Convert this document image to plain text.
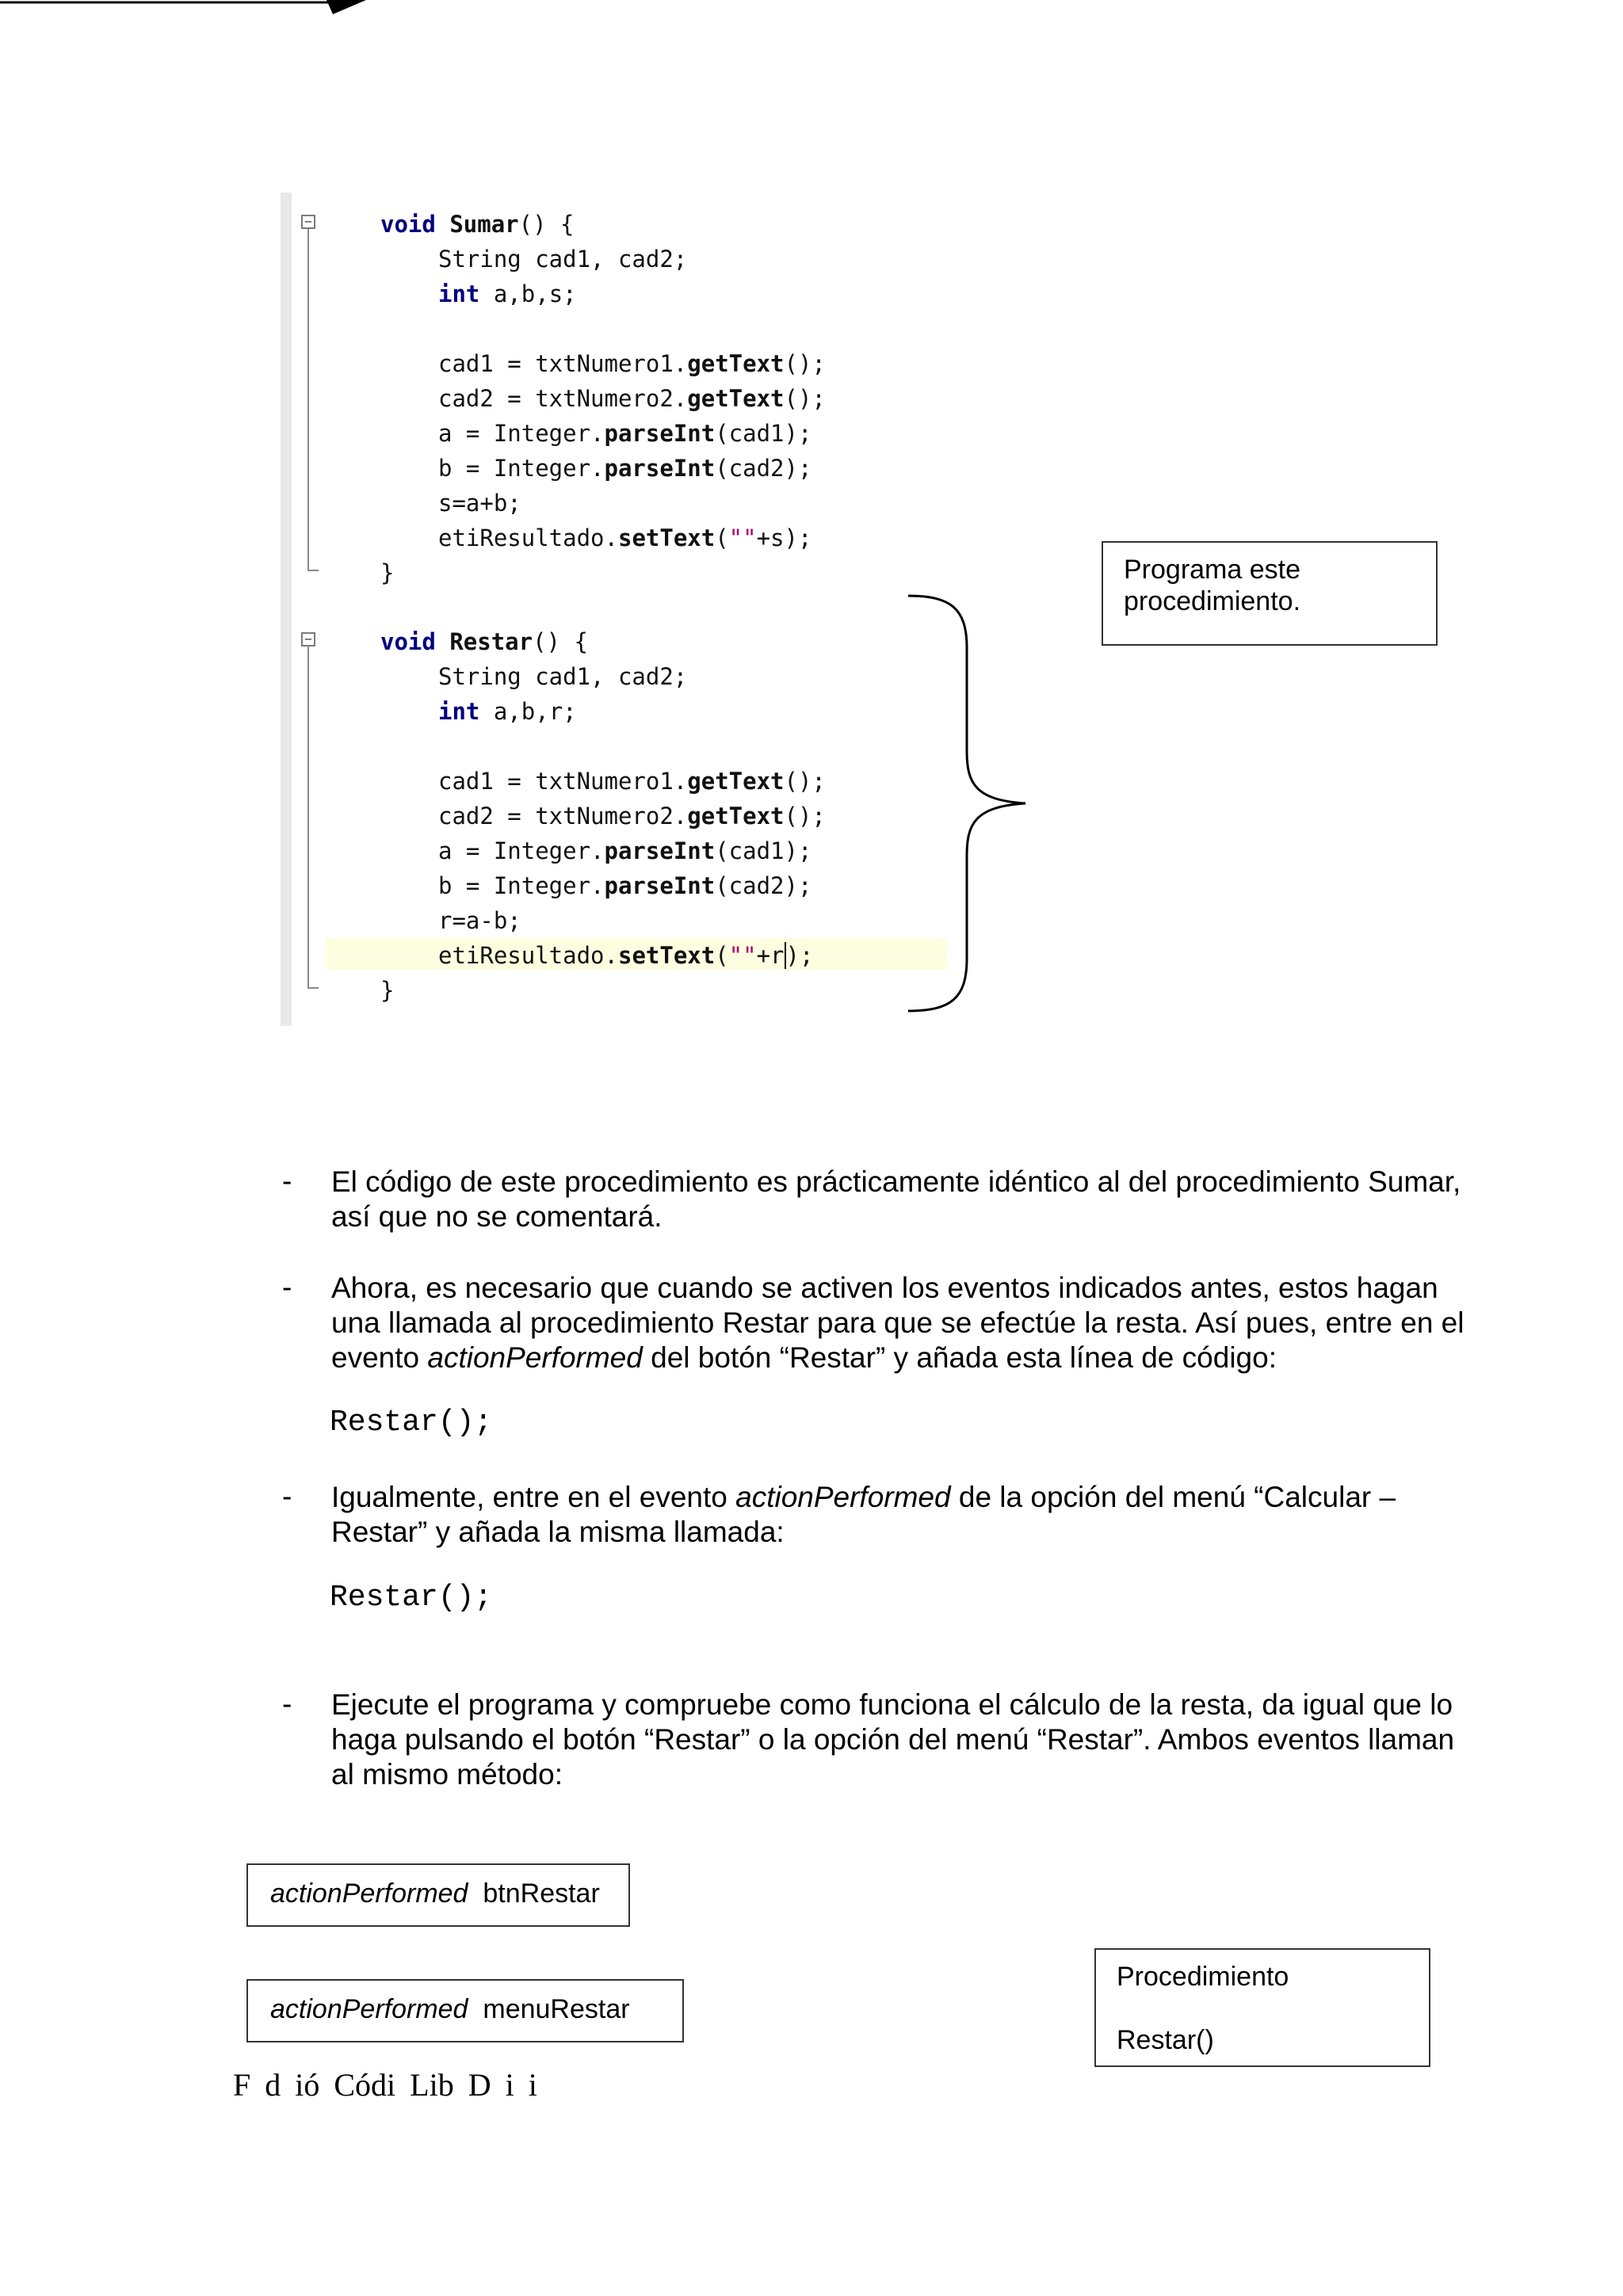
−
−
void Sumar() {
String cad1, cad2;
int a,b,s;
cad1 = txtNumero1.getText();
cad2 = txtNumero2.getText();
a = Integer.parseInt(cad1);
b = Integer.parseInt(cad2);
s=a+b;
etiResultado.setText(""+s);
}
void Restar() {
String cad1, cad2;
int a,b,r;
cad1 = txtNumero1.getText();
cad2 = txtNumero2.getText();
a = Integer.parseInt(cad1);
b = Integer.parseInt(cad2);
r=a-b;
etiResultado.setText(""+r);
}
Programa este
procedimiento.
- El código de este procedimiento es prácticamente idéntico al del procedimiento Sumar, así que no se comentará.
- Ahora, es necesario que cuando se activen los eventos indicados antes, estos hagan una llamada al procedimiento Restar para que se efectúe la resta. Así pues, entre en el evento actionPerformed del botón “Restar” y añada esta línea de código:
Restar();
- Igualmente, entre en el evento actionPerformed de la opción del menú “Calcular – Restar” y añada la misma llamada:
Restar();
- Ejecute el programa y compruebe como funciona el cálculo de la resta, da igual que lo haga pulsando el botón “Restar” o la opción del menú “Restar”. Ambos eventos llaman al mismo método:
actionPerformed btnRestar
actionPerformed menuRestar
Procedimiento
Restar()
F d ió Códi Lib D i i
